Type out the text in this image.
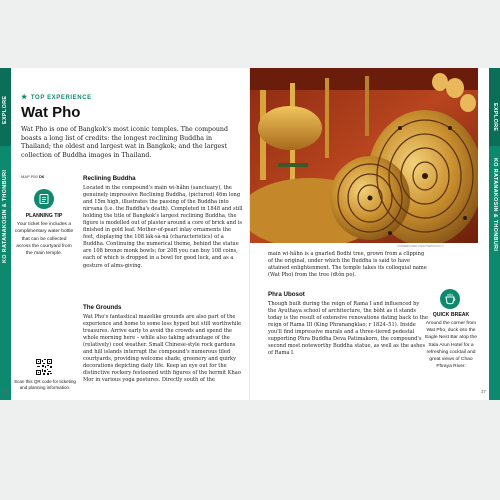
EXPLORE
KO RATANAKOSIN & THONBURI
★ TOP EXPERIENCE
Wat Pho
Wat Pho is one of Bangkok's most iconic temples. The compound boasts a long list of credits: the longest reclining Buddha in Thailand; the oldest and largest wat in Bangkok; and the largest collection of Buddha images in Thailand.
MAP P50 D6
PLANNING TIP
Your ticket fee includes a complimentary water bottle that can be collected across the courtyard from the main temple.
Scan this QR code for ticketing and planning information.
Reclining Buddha
Located in the compound's main wi·hăhn (sanctuary), the genuinely impressive Reclining Buddha, (pictured) 46m long and 15m high, illustrates the passing of the Buddha into nirvana (i.e. the Buddha's death). Completed in 1848 and still holding the title of Bangkok's largest reclining Buddha, the figure is modelled out of plaster around a core of brick and is finished in gold leaf. Mother-of-pearl inlay ornaments the feet, displaying the 108 lák·sà·nà (characteristics) of a Buddha. Continuing the numerical theme, behind the statue are 108 bronze monk bowls; for 20B you can buy 108 coins, each of which is dropped in a bowl for good luck, and as a gesture of alms-giving.
The Grounds
Wat Pho's fantastical mazelike grounds are also part of the experience and home to some less hyped but still worthwhile treasures. Arrive early to avoid the crowds and spend the whole morning here – while also taking advantage of the (relatively) cool weather. Small Chinese-style rock gardens and hill islands interrupt the compound's numerous tiled courtyards, providing welcome shade, greenery and quirky decorations depicting daily life. Keep an eye out for the distinctive rockery festooned with figures of the hermit Khao Mor in various yoga postures. Directly south of the
36
CORNER/LONELY/SHUTTERSTOCK ©
main wi·hăhn is a gnarled Bodhi tree, grown from a clipping of the original, under which the Buddha is said to have attained enlightenment. The temple takes its colloquial name (Wat Pho) from the tree (dtôn po).
Phra Ubosot
Though built during the reign of Rama I and influenced by the Ayuthaya school of architecture, the bòht as it stands today is the result of extensive renovations dating back to the reign of Rama III (King Phranangklao; r 1824–51). Inside you'll find impressive murals and a three-tiered pedestal supporting Phra Buddha Deva Patimakorn, the compound's second most noteworthy Buddha statue, as well as the ashes of Rama I.
QUICK BREAK
Around the corner from Wat Pho, duck into the Eagle Nest Bar atop the Sala Arun Hotel for a refreshing cocktail and great views of Chao Phraya River.
EXPLORE
KO RATANAKOSIN & THONBURI
37
